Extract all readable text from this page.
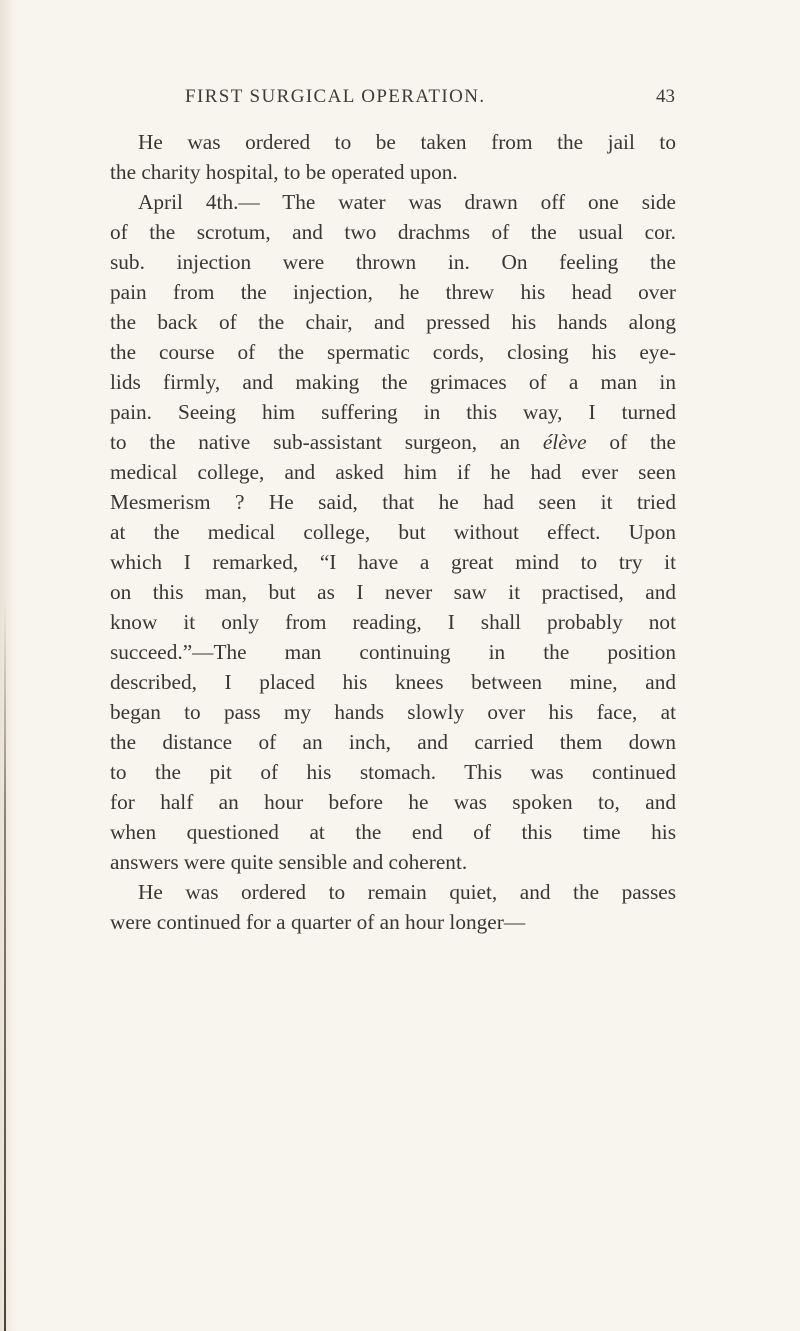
FIRST SURGICAL OPERATION.	43

He was ordered to be taken from the jail to

the charity hospital, to be operated upon.

April 4th.— The water was drawn off one side

of the scrotum, and two drachms of the usual cor.

sub. injection were thrown in. On feeling the

pain from the injection, he threw his head over

the back of the chair, and pressed his hands along

the course of the spermatic cords, closing his eye-

lids firmly, and making the grimaces of a man in

pain. Seeing him suffering in this way, I turned

to the native sub-assistant surgeon, an élève of the

medical college, and asked him if he had ever seen

Mesmerism ? He said, that he had seen it tried

at the medical college, but without effect. Upon

which I remarked, “I have a great mind to try it

on this man, but as I never saw it practised, and

know it only from reading, I shall probably not

succeed.”—The man continuing in the position

described, I placed his knees between mine, and

began to pass my hands slowly over his face, at

the distance of an inch, and carried them down

to the pit of his stomach. This was continued

for half an hour before he was spoken to, and

when questioned at the end of this time his

answers were quite sensible and coherent.

He was ordered to remain quiet, and the passes

were continued for a quarter of an hour longer—
